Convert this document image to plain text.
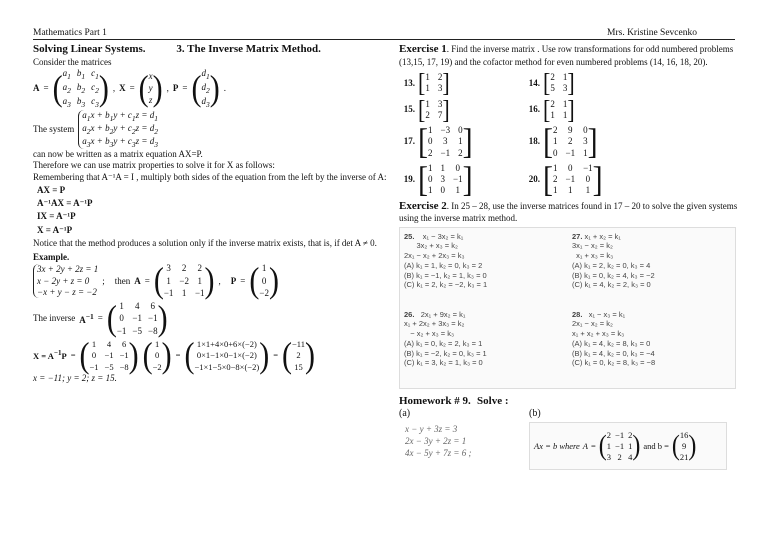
Mathematics Part 1	Mrs. Kristine Sevcenko
Solving Linear Systems.	3. The Inverse Matrix Method.

Consider the matrices

A = ( $a_1$ $b_1$ $c_1$
$a_2$ $b_2$ $c_2$
$a_3$ $b_3$ $c_3$ ) , X = ( x
y
z ) , P = ( $d_1$
$d_2$
$d_3$ ) .
The system
$a_1x + b_1y + c_1z = d_1$
$a_2x + b_2y + c_2z = d_2$
$a_3x + b_3y + c_3z = d_3$

can now be written as a matrix equation AX=P.

Therefore we can use matrix properties to solve it for X as follows:

Remembering that A⁻¹A = I , multiply both sides of the equation from the left by the inverse of A:

AX = P
A⁻¹AX = A⁻¹P
IX = A⁻¹P
X = A⁻¹P

Notice that the method produces a solution only if the inverse matrix exists, that is, if det A ≠ 0.

Example.
3x + 2y + 2z = 1
x − 2y + z = 0
−x + y − z = −2
; then A = ( 3 2 2
1 −2 1
−1 1 −1 ) , P = ( 1
0
−2 )
The inverse $A^{-1}$ = ( 1 4 6
0 −1 −1
−1 −5 −8 )
$X = A^{-1}P$ = ( 1 4 6
0 −1 −1
−1 −5 −8 ) ( 1
0
−2 ) = ( 1×1+4×0+6×(−2)
0×1−1×0−1×(−2)
−1×1−5×0−8×(−2) ) = ( −11
2
15 )
x = −11; y = 2; z = 15.

Exercise 1. Find the inverse matrix . Use row transformations for odd numbered problems (13,15, 17, 19) and the cofactor method for even numbered problems (14, 16, 18, 20).

13. [ 1 2
1 3 ]	14. [ 2 1
5 3 ]
15. [ 1 3
2 7 ]	16. [ 2 1
1 1 ]
17. [ 1 −3 0
0 3 1
2 −1 2 ]	18. [ 2 9 0
1 2 3
0 −1 1 ]
19. [ 1 1 0
0 3 −1
1 0 1 ]	20. [ 1 0 −1
2 −1 0
1 1 1 ]

Exercise 2. In 25 – 28, use the inverse matrices found in 17 – 20 to solve the given systems using the inverse matrix method.

25.    x₁ − 3x₂ = k₁
3x₂ + x₃ = k₂
2x₁ − x₂ + 2x₃ = k₃
(A) k₁ = 1, k₂ = 0, k₃ = 2
(B) k₁ = −1, k₂ = 1, k₃ = 0
(C) k₁ = 2, k₂ = −2, k₃ = 1
27. x₁ + x₂ = k₁
3x₁ − x₂ = k₂
x₁ + x₃ = k₃
(A) k₁ = 2, k₂ = 0, k₃ = 4
(B) k₁ = 0, k₂ = 4, k₃ = −2
(C) k₁ = 4, k₂ = 2, k₃ = 0
26.   2x₁ + 9x₂ = k₁
x₁ + 2x₂ + 3x₃ = k₂
− x₂ + x₃ = k₃
(A) k₁ = 0, k₂ = 2, k₃ = 1
(B) k₁ = −2, k₂ = 0, k₃ = 1
(C) k₁ = 3, k₂ = 1, k₃ = 0
28.   x₁ − x₃ = k₁
2x₁ − x₂ = k₂
x₁ + x₂ + x₃ = k₃
(A) k₁ = 4, k₂ = 8, k₃ = 0
(B) k₁ = 4, k₂ = 0, k₃ = −4
(C) k₁ = 0, k₂ = 8, k₃ = −8
Homework # 9. Solve :
(a)	(b)
x − y + 3z = 3
2x − 3y + 2z = 1
4x − 5y + 7z = 6 ;
Ax = b where A = ( 2 −1 2
1 −1 1
3 2 4 ) and b = ( 16
9
21 )
